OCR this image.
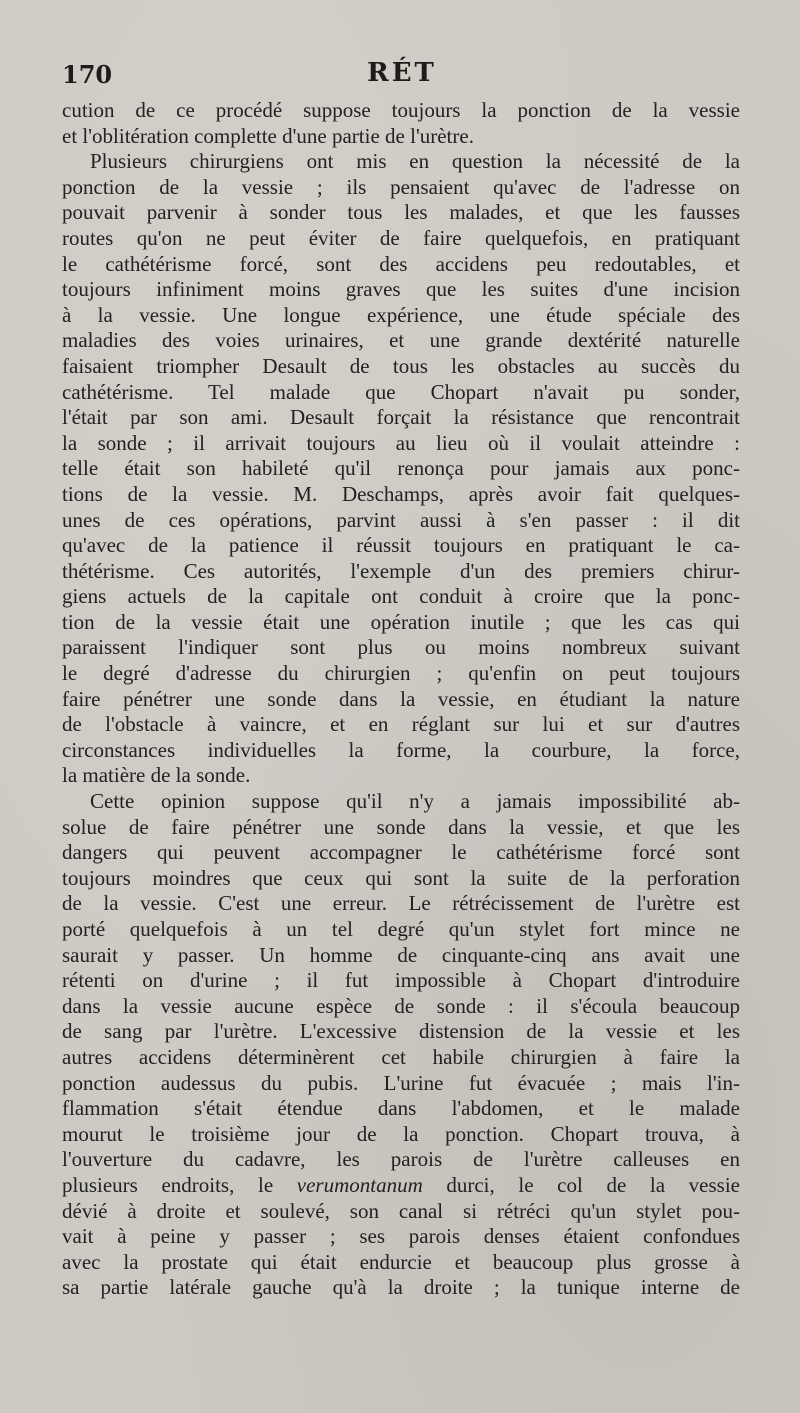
170	RÉT
cution de ce procédé suppose toujours la ponction de la vessie
et l'oblitération complette d'une partie de l'urètre.
Plusieurs chirurgiens ont mis en question la nécessité de la
ponction de la vessie ; ils pensaient qu'avec de l'adresse on
pouvait parvenir à sonder tous les malades, et que les fausses
routes qu'on ne peut éviter de faire quelquefois, en pratiquant
le cathétérisme forcé, sont des accidens peu redoutables, et
toujours infiniment moins graves que les suites d'une incision
à la vessie. Une longue expérience, une étude spéciale des
maladies des voies urinaires, et une grande dextérité naturelle
faisaient triompher Desault de tous les obstacles au succès du
cathétérisme. Tel malade que Chopart n'avait pu sonder,
l'était par son ami. Desault forçait la résistance que rencontrait
la sonde ; il arrivait toujours au lieu où il voulait atteindre :
telle était son habileté qu'il renonça pour jamais aux ponc-
tions de la vessie. M. Deschamps, après avoir fait quelques-
unes de ces opérations, parvint aussi à s'en passer : il dit
qu'avec de la patience il réussit toujours en pratiquant le ca-
thétérisme. Ces autorités, l'exemple d'un des premiers chirur-
giens actuels de la capitale ont conduit à croire que la ponc-
tion de la vessie était une opération inutile ; que les cas qui
paraissent l'indiquer sont plus ou moins nombreux suivant
le degré d'adresse du chirurgien ; qu'enfin on peut toujours
faire pénétrer une sonde dans la vessie, en étudiant la nature
de l'obstacle à vaincre, et en réglant sur lui et sur d'autres
circonstances individuelles la forme, la courbure, la force,
la matière de la sonde.
Cette opinion suppose qu'il n'y a jamais impossibilité ab-
solue de faire pénétrer une sonde dans la vessie, et que les
dangers qui peuvent accompagner le cathétérisme forcé sont
toujours moindres que ceux qui sont la suite de la perforation
de la vessie. C'est une erreur. Le rétrécissement de l'urètre est
porté quelquefois à un tel degré qu'un stylet fort mince ne
saurait y passer. Un homme de cinquante-cinq ans avait une
rétenti on d'urine ; il fut impossible à Chopart d'introduire
dans la vessie aucune espèce de sonde : il s'écoula beaucoup
de sang par l'urètre. L'excessive distension de la vessie et les
autres accidens déterminèrent cet habile chirurgien à faire la
ponction audessus du pubis. L'urine fut évacuée ; mais l'in-
flammation s'était étendue dans l'abdomen, et le malade
mourut le troisième jour de la ponction. Chopart trouva, à
l'ouverture du cadavre, les parois de l'urètre calleuses en
plusieurs endroits, le verumontanum durci, le col de la vessie
dévié à droite et soulevé, son canal si rétréci qu'un stylet pou-
vait à peine y passer ; ses parois denses étaient confondues
avec la prostate qui était endurcie et beaucoup plus grosse à
sa partie latérale gauche qu'à la droite ; la tunique interne de
